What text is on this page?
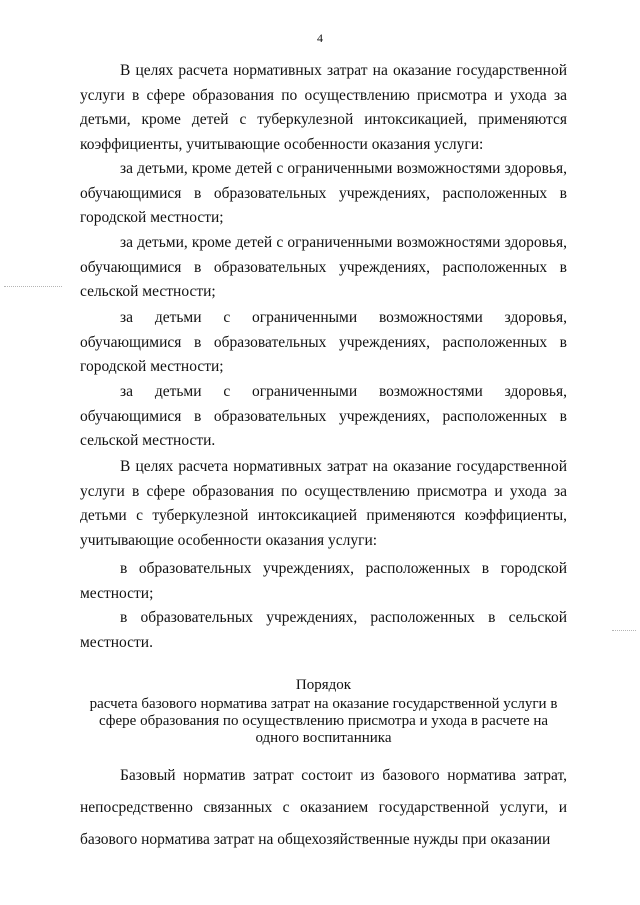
4

В целях расчета нормативных затрат на оказание государственной услуги в сфере образования по осуществлению присмотра и ухода за детьми, кроме детей с туберкулезной интоксикацией, применяются коэффициенты, учитывающие особенности оказания услуги:

за детьми, кроме детей с ограниченными возможностями здоровья, обучающимися в образовательных учреждениях, расположенных в городской местности;

за детьми, кроме детей с ограниченными возможностями здоровья, обучающимися в образовательных учреждениях, расположенных в сельской местности;

за детьми с ограниченными возможностями здоровья, обучающимися в образовательных учреждениях, расположенных в городской местности;

за детьми с ограниченными возможностями здоровья, обучающимися в образовательных учреждениях, расположенных в сельской местности.

В целях расчета нормативных затрат на оказание государственной услуги в сфере образования по осуществлению присмотра и ухода за детьми с туберкулезной интоксикацией применяются коэффициенты, учитывающие особенности оказания услуги:

в образовательных учреждениях, расположенных в городской местности;

в образовательных учреждениях, расположенных в сельской местности.

Порядок
расчета базового норматива затрат на оказание государственной услуги в сфере образования по осуществлению присмотра и ухода в расчете на одного воспитанника

Базовый норматив затрат состоит из базового норматива затрат, непосредственно связанных с оказанием государственной услуги, и базового норматива затрат на общехозяйственные нужды при оказании
